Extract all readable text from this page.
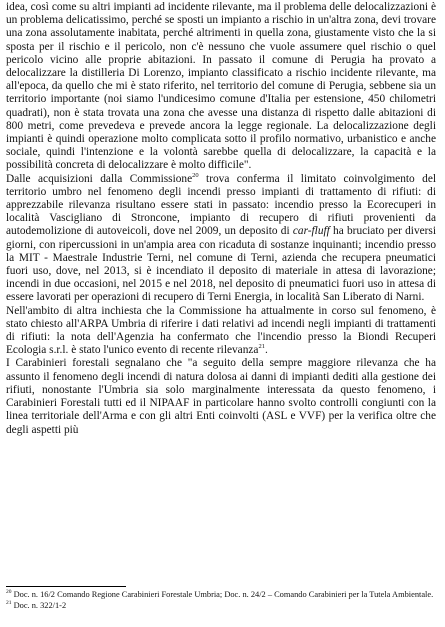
idea, così come su altri impianti ad incidente rilevante, ma il problema delle delocalizzazioni è un problema delicatissimo, perché se sposti un impianto a rischio in un'altra zona, devi trovare una zona assolutamente inabitata, perché altrimenti in quella zona, giustamente visto che la si sposta per il rischio e il pericolo, non c'è nessuno che vuole assumere quel rischio o quel pericolo vicino alle proprie abitazioni. In passato il comune di Perugia ha provato a delocalizzare la distilleria Di Lorenzo, impianto classificato a rischio incidente rilevante, ma all'epoca, da quello che mi è stato riferito, nel territorio del comune di Perugia, sebbene sia un territorio importante (noi siamo l'undicesimo comune d'Italia per estensione, 450 chilometri quadrati), non è stata trovata una zona che avesse una distanza di rispetto dalle abitazioni di 800 metri, come prevedeva e prevede ancora la legge regionale. La delocalizzazione degli impianti è quindi operazione molto complicata sotto il profilo normativo, urbanistico e anche sociale, quindi l'intenzione e la volontà sarebbe quella di delocalizzare, la capacità e la possibilità concreta di delocalizzare è molto difficile".

Dalle acquisizioni dalla Commissione$^{20}$ trova conferma il limitato coinvolgimento del territorio umbro nel fenomeno degli incendi presso impianti di trattamento di rifiuti: di apprezzabile rilevanza risultano essere stati in passato: incendio presso la Ecorecuperi in località Vascigliano di Stroncone, impianto di recupero di rifiuti provenienti da autodemolizione di autoveicoli, dove nel 2009, un deposito di car-fluff ha bruciato per diversi giorni, con ripercussioni in un'ampia area con ricaduta di sostanze inquinanti; incendio presso la MIT - Maestrale Industrie Terni, nel comune di Terni, azienda che recupera pneumatici fuori uso, dove, nel 2013, si è incendiato il deposito di materiale in attesa di lavorazione; incendi in due occasioni, nel 2015 e nel 2018, nel deposito di pneumatici fuori uso in attesa di essere lavorati per operazioni di recupero di Terni Energia, in località San Liberato di Narni.

Nell'ambito di altra inchiesta che la Commissione ha attualmente in corso sul fenomeno, è stato chiesto all'ARPA Umbria di riferire i dati relativi ad incendi negli impianti di trattamenti di rifiuti: la nota dell'Agenzia ha confermato che l'incendio presso la Biondi Recuperi Ecologia s.r.l. è stato l'unico evento di recente rilevanza$^{21}$.

I Carabinieri forestali segnalano che "a seguito della sempre maggiore rilevanza che ha assunto il fenomeno degli incendi di natura dolosa ai danni di impianti dediti alla gestione dei rifiuti, nonostante l'Umbria sia solo marginalmente interessata da questo fenomeno, i Carabinieri Forestali tutti ed il NIPAAF in particolare hanno svolto controlli congiunti con la linea territoriale dell'Arma e con gli altri Enti coinvolti (ASL e VVF) per la verifica oltre che degli aspetti più

$^{20}$ Doc. n. 16/2 Comando Regione Carabinieri Forestale Umbria; Doc. n. 24/2 – Comando Carabinieri per la Tutela Ambientale.

$^{21}$ Doc. n. 322/1-2
